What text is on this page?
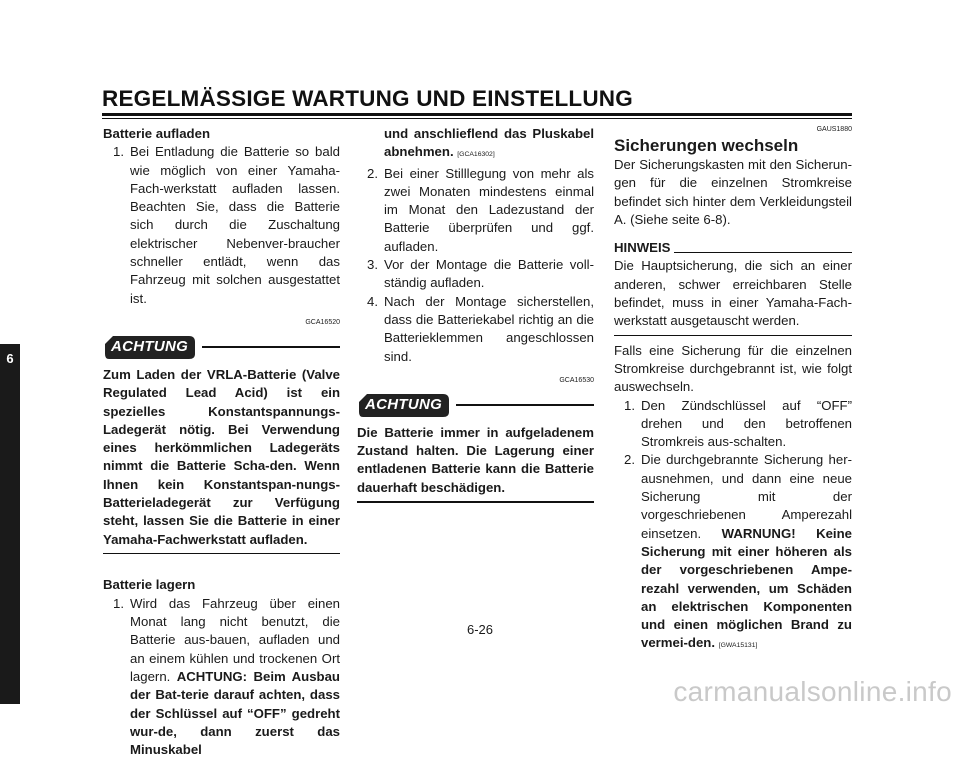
REGELMÄSSIGE WARTUNG UND EINSTELLUNG
6

Batterie aufladen

1. Bei Entladung die Batterie so bald wie möglich von einer Yamaha-Fach-werkstatt aufladen lassen. Beachten Sie, dass die Batterie sich durch die Zuschaltung elektrischer Nebenver-braucher schneller entlädt, wenn das Fahrzeug mit solchen ausgestattet ist.
GCA16520
ACHTUNG

Zum Laden der VRLA-Batterie (Valve Regulated Lead Acid) ist ein spezielles Konstantspannungs-Ladegerät nötig. Bei Verwendung eines herkömmlichen Ladegeräts nimmt die Batterie Scha-den. Wenn Ihnen kein Konstantspan-nungs-Batterieladegerät zur Verfügung steht, lassen Sie die Batterie in einer Yamaha-Fachwerkstatt aufladen.

Batterie lagern

1. Wird das Fahrzeug über einen Monat lang nicht benutzt, die Batterie aus-bauen, aufladen und an einem kühlen und trockenen Ort lagern. ACHTUNG: Beim Ausbau der Bat-terie darauf achten, dass der Schlüssel auf “OFF” gedreht wur-de, dann zuerst das Minuskabel
und anschlieflend das Pluskabel abnehmen. [GCA16302]
2. Bei einer Stilllegung von mehr als zwei Monaten mindestens einmal im Monat den Ladezustand der Batterie überprüfen und ggf. aufladen.
3. Vor der Montage die Batterie voll-ständig aufladen.
4. Nach der Montage sicherstellen, dass die Batteriekabel richtig an die Batterieklemmen angeschlossen sind.
GCA16530
ACHTUNG

Die Batterie immer in aufgeladenem Zustand halten. Die Lagerung einer entladenen Batterie kann die Batterie dauerhaft beschädigen.

GAUS1880

Sicherungen wechseln

Der Sicherungskasten mit den Sicherun-gen für die einzelnen Stromkreise befindet sich hinter dem Verkleidungsteil A. (Siehe seite 6-8).

HINWEIS

Die Hauptsicherung, die sich an einer anderen, schwer erreichbaren Stelle befindet, muss in einer Yamaha-Fach-werkstatt ausgetauscht werden.

Falls eine Sicherung für die einzelnen Stromkreise durchgebrannt ist, wie folgt auswechseln.

1. Den Zündschlüssel auf “OFF” drehen und den betroffenen Stromkreis aus-schalten.
2. Die durchgebrannte Sicherung her-ausnehmen, und dann eine neue Sicherung mit der vorgeschriebenen Amperezahl einsetzen. WARNUNG! Keine Sicherung mit einer höheren als der vorgeschriebenen Ampe-rezahl verwenden, um Schäden an elektrischen Komponenten und einen möglichen Brand zu vermei-den. [GWA15131]
6-26
carmanualsonline.info
